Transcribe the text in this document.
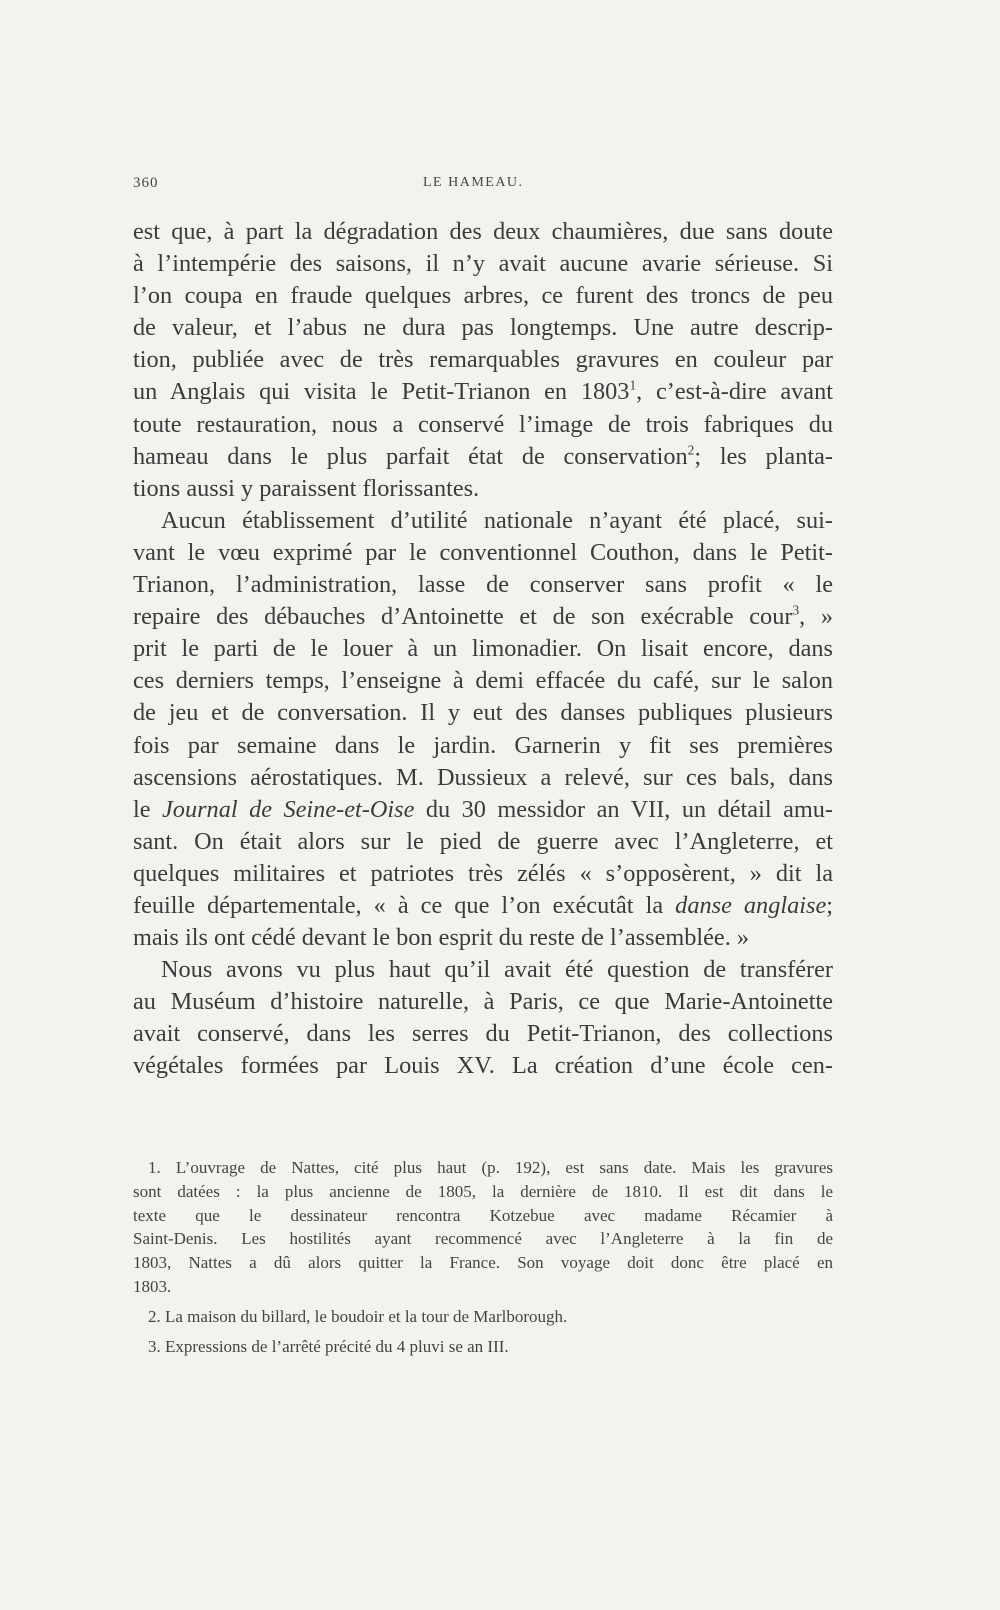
360	LE HAMEAU.
est que, à part la dégradation des deux chaumières, due sans doute
à l’intempérie des saisons, il n’y avait aucune avarie sérieuse. Si
l’on coupa en fraude quelques arbres, ce furent des troncs de peu
de valeur, et l’abus ne dura pas longtemps. Une autre descrip-
tion, publiée avec de très remarquables gravures en couleur par
un Anglais qui visita le Petit-Trianon en 1803$^1$, c’est-à-dire avant
toute restauration, nous a conservé l’image de trois fabriques du
hameau dans le plus parfait état de conservation$^2$; les planta-
tions aussi y paraissent florissantes.
Aucun établissement d’utilité nationale n’ayant été placé, sui-
vant le vœu exprimé par le conventionnel Couthon, dans le Petit-
Trianon, l’administration, lasse de conserver sans profit « le
repaire des débauches d’Antoinette et de son exécrable cour$^3$, »
prit le parti de le louer à un limonadier. On lisait encore, dans
ces derniers temps, l’enseigne à demi effacée du café, sur le salon
de jeu et de conversation. Il y eut des danses publiques plusieurs
fois par semaine dans le jardin. Garnerin y fit ses premières
ascensions aérostatiques. M. Dussieux a relevé, sur ces bals, dans
le Journal de Seine-et-Oise du 30 messidor an VII, un détail amu-
sant. On était alors sur le pied de guerre avec l’Angleterre, et
quelques militaires et patriotes très zélés « s’opposèrent, » dit la
feuille départementale, « à ce que l’on exécutât la danse anglaise;
mais ils ont cédé devant le bon esprit du reste de l’assemblée. »
Nous avons vu plus haut qu’il avait été question de transférer
au Muséum d’histoire naturelle, à Paris, ce que Marie-Antoinette
avait conservé, dans les serres du Petit-Trianon, des collections
végétales formées par Louis XV. La création d’une école cen-
1. L’ouvrage de Nattes, cité plus haut (p. 192), est sans date. Mais les gravures
sont datées : la plus ancienne de 1805, la dernière de 1810. Il est dit dans le
texte que le dessinateur rencontra Kotzebue avec madame Récamier à
Saint-Denis. Les hostilités ayant recommencé avec l’Angleterre à la fin de
1803, Nattes a dû alors quitter la France. Son voyage doit donc être placé en
1803.
2. La maison du billard, le boudoir et la tour de Marlborough.
3. Expressions de l’arrêté précité du 4 pluvi se an III.
